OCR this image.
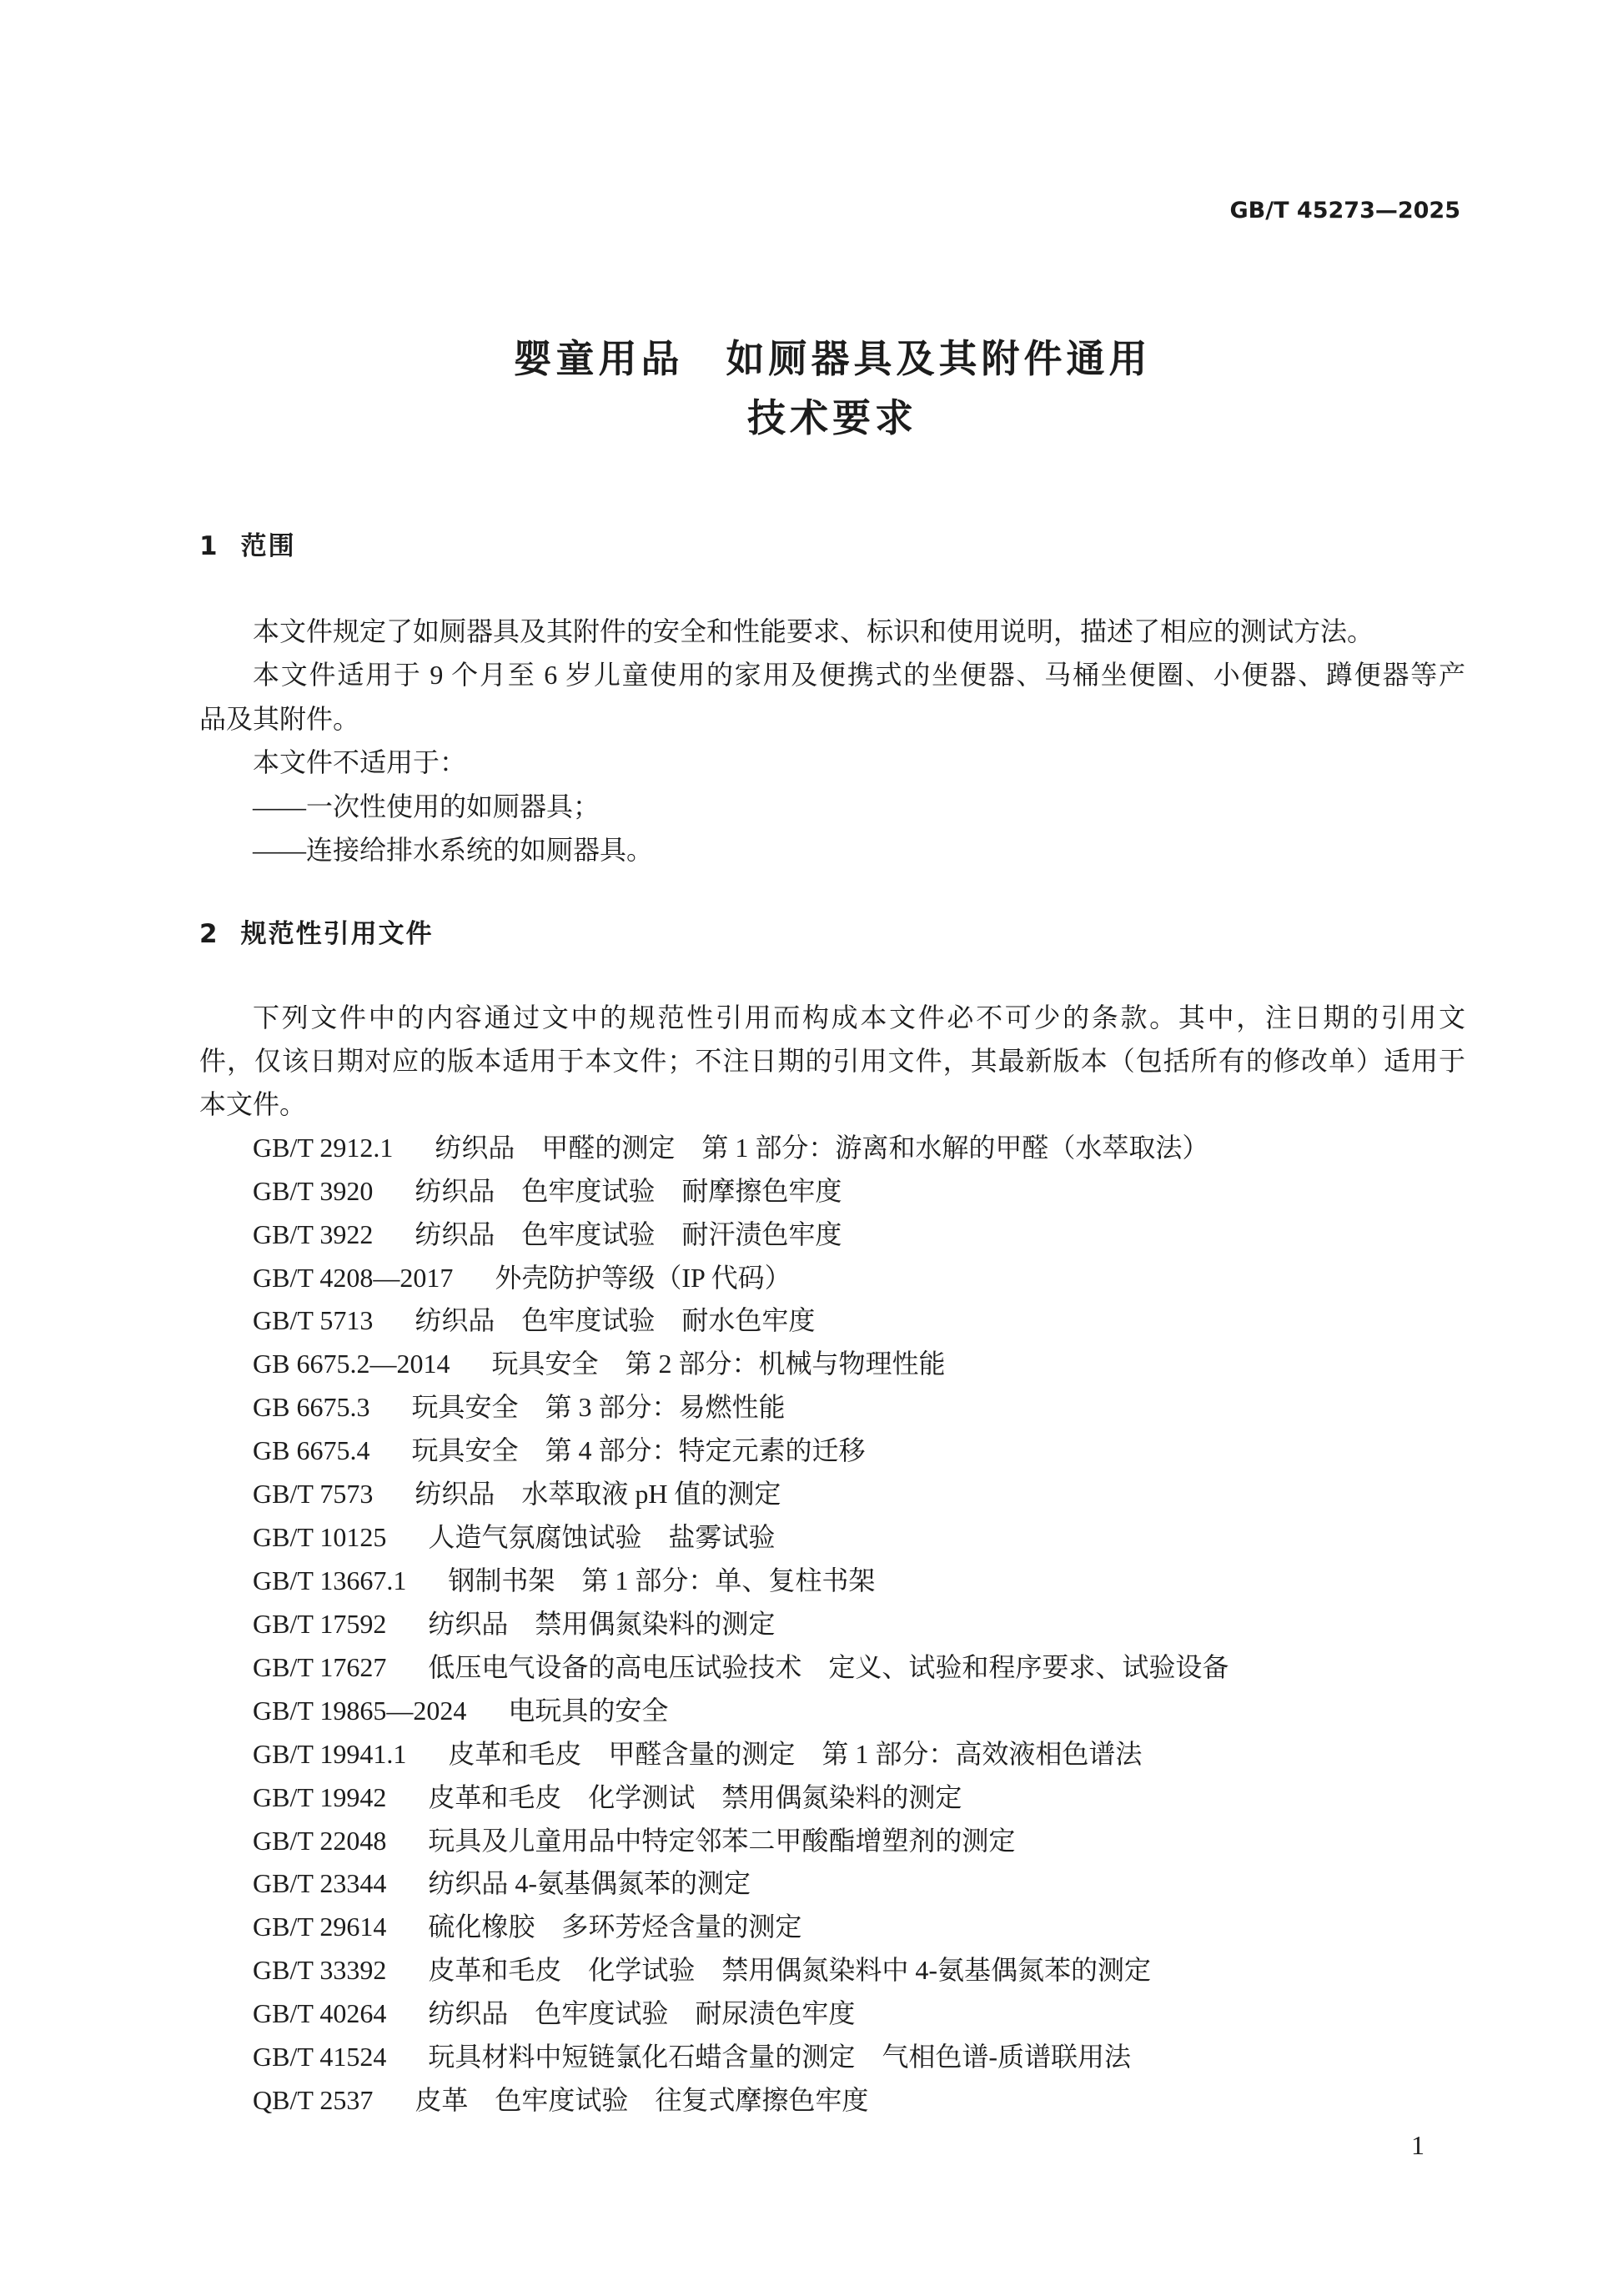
GB/T 45273—2025
婴童用品　如厕器具及其附件通用
技术要求
1 范围
本文件规定了如厕器具及其附件的安全和性能要求、标识和使用说明，描述了相应的测试方法。
本文件适用于 9 个月至 6 岁儿童使用的家用及便携式的坐便器、马桶坐便圈、小便器、蹲便器等产
品及其附件。
本文件不适用于：
——一次性使用的如厕器具；
——连接给排水系统的如厕器具。
2 规范性引用文件
下列文件中的内容通过文中的规范性引用而构成本文件必不可少的条款。其中，注日期的引用文
件，仅该日期对应的版本适用于本文件；不注日期的引用文件，其最新版本（包括所有的修改单）适用于
本文件。
GB/T 2912.1 纺织品　甲醛的测定　第 1 部分：游离和水解的甲醛（水萃取法）
GB/T 3920 纺织品　色牢度试验　耐摩擦色牢度
GB/T 3922 纺织品　色牢度试验　耐汗渍色牢度
GB/T 4208—2017 外壳防护等级（IP 代码）
GB/T 5713 纺织品　色牢度试验　耐水色牢度
GB 6675.2—2014 玩具安全　第 2 部分：机械与物理性能
GB 6675.3 玩具安全　第 3 部分：易燃性能
GB 6675.4 玩具安全　第 4 部分：特定元素的迁移
GB/T 7573 纺织品　水萃取液 pH 值的测定
GB/T 10125 人造气氛腐蚀试验　盐雾试验
GB/T 13667.1 钢制书架　第 1 部分：单、复柱书架
GB/T 17592 纺织品　禁用偶氮染料的测定
GB/T 17627 低压电气设备的高电压试验技术　定义、试验和程序要求、试验设备
GB/T 19865—2024 电玩具的安全
GB/T 19941.1 皮革和毛皮　甲醛含量的测定　第 1 部分：高效液相色谱法
GB/T 19942 皮革和毛皮　化学测试　禁用偶氮染料的测定
GB/T 22048 玩具及儿童用品中特定邻苯二甲酸酯增塑剂的测定
GB/T 23344 纺织品 4-氨基偶氮苯的测定
GB/T 29614 硫化橡胶　多环芳烃含量的测定
GB/T 33392 皮革和毛皮　化学试验　禁用偶氮染料中 4-氨基偶氮苯的测定
GB/T 40264 纺织品　色牢度试验　耐尿渍色牢度
GB/T 41524 玩具材料中短链氯化石蜡含量的测定　气相色谱-质谱联用法
QB/T 2537 皮革　色牢度试验　往复式摩擦色牢度
1
